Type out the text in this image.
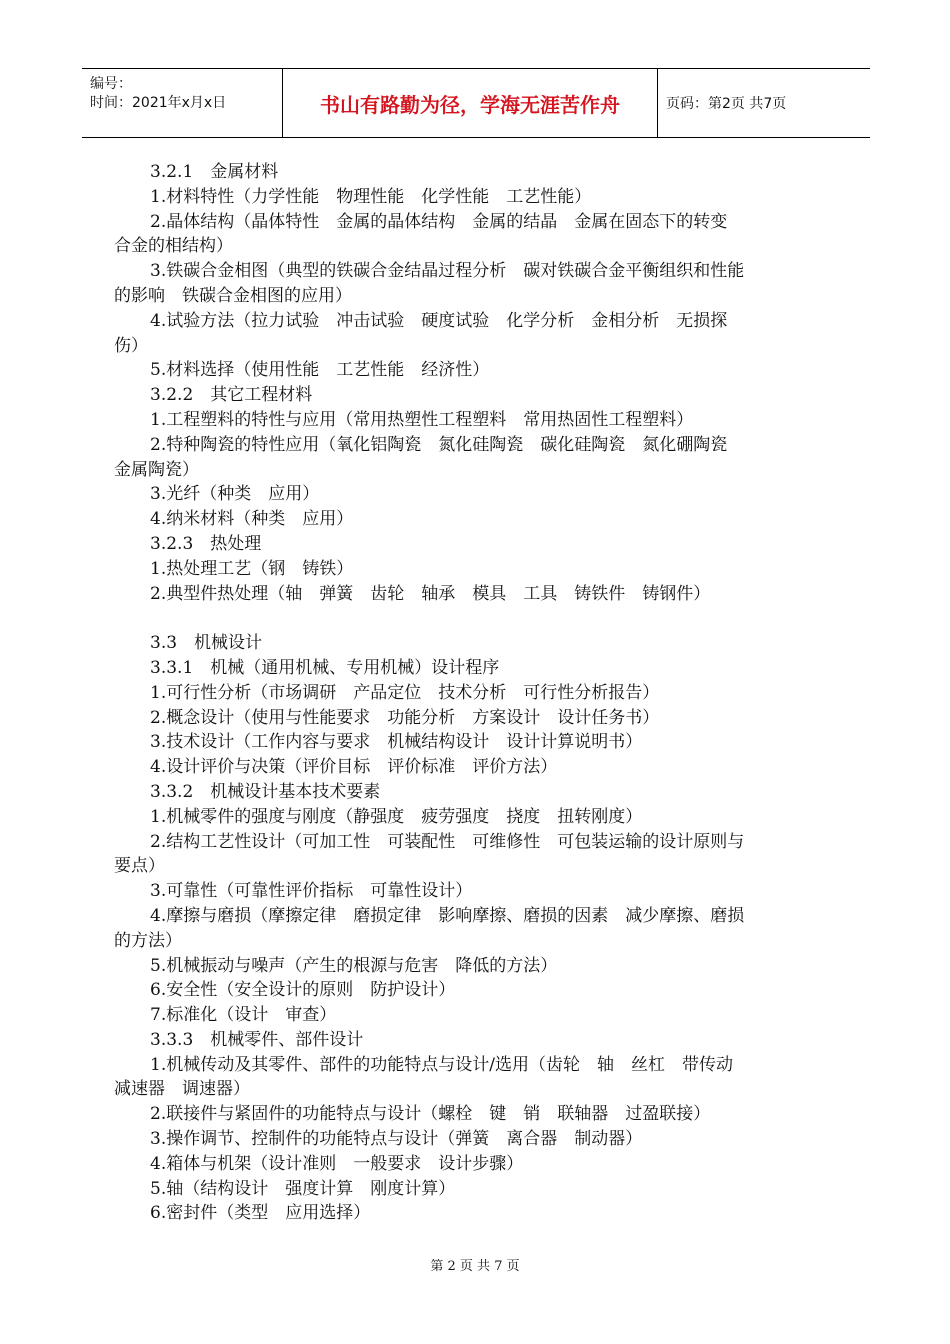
编号：
时间：2021年x月x日	书山有路勤为径，学海无涯苦作舟	页码：第2页 共7页
3.2.1　金属材料
1.材料特性（力学性能　物理性能　化学性能　工艺性能）
2.晶体结构（晶体特性　金属的晶体结构　金属的结晶　金属在固态下的转变
合金的相结构）
3.铁碳合金相图（典型的铁碳合金结晶过程分析　碳对铁碳合金平衡组织和性能
的影响　铁碳合金相图的应用）
4.试验方法（拉力试验　冲击试验　硬度试验　化学分析　金相分析　无损探
伤）
5.材料选择（使用性能　工艺性能　经济性）
3.2.2　其它工程材料
1.工程塑料的特性与应用（常用热塑性工程塑料　常用热固性工程塑料）
2.特种陶瓷的特性应用（氧化铝陶瓷　氮化硅陶瓷　碳化硅陶瓷　氮化硼陶瓷
金属陶瓷）
3.光纤（种类　应用）
4.纳米材料（种类　应用）
3.2.3　热处理
1.热处理工艺（钢　铸铁）
2.典型件热处理（轴　弹簧　齿轮　轴承　模具　工具　铸铁件　铸钢件）
3.3　机械设计
3.3.1　机械（通用机械、专用机械）设计程序
1.可行性分析（市场调研　产品定位　技术分析　可行性分析报告）
2.概念设计（使用与性能要求　功能分析　方案设计　设计任务书）
3.技术设计（工作内容与要求　机械结构设计　设计计算说明书）
4.设计评价与决策（评价目标　评价标准　评价方法）
3.3.2　机械设计基本技术要素
1.机械零件的强度与刚度（静强度　疲劳强度　挠度　扭转刚度）
2.结构工艺性设计（可加工性　可装配性　可维修性　可包装运输的设计原则与
要点）
3.可靠性（可靠性评价指标　可靠性设计）
4.摩擦与磨损（摩擦定律　磨损定律　影响摩擦、磨损的因素　减少摩擦、磨损
的方法）
5.机械振动与噪声（产生的根源与危害　降低的方法）
6.安全性（安全设计的原则　防护设计）
7.标准化（设计　审查）
3.3.3　机械零件、部件设计
1.机械传动及其零件、部件的功能特点与设计/选用（齿轮　轴　丝杠　带传动
减速器　调速器）
2.联接件与紧固件的功能特点与设计（螺栓　键　销　联轴器　过盈联接）
3.操作调节、控制件的功能特点与设计（弹簧　离合器　制动器）
4.箱体与机架（设计准则　一般要求　设计步骤）
5.轴（结构设计　强度计算　刚度计算）
6.密封件（类型　应用选择）
第 2 页 共 7 页
